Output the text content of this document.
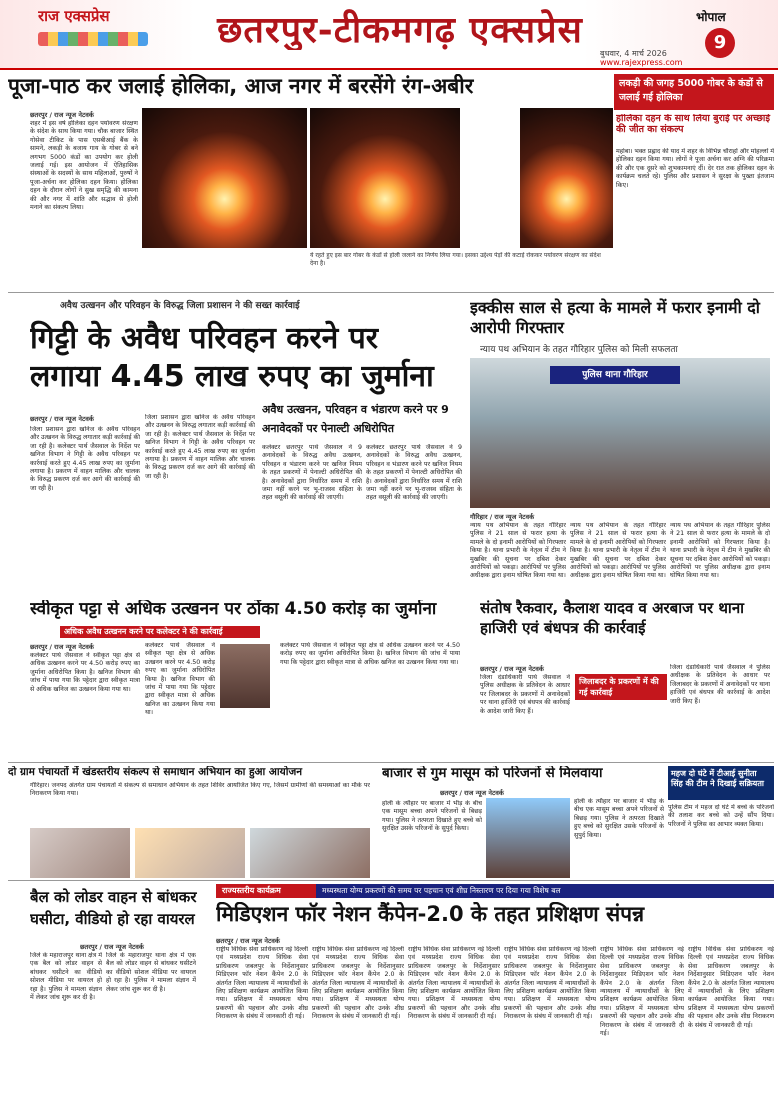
राज एक्सप्रेस	छतरपुर-टीकमगढ़ एक्सप्रेस	भोपाल
9
बुधवार, 4 मार्च 2026
www.rajexpress.com
पूजा-पाठ कर जलाई होलिका, आज नगर में बरसेंगे रंग-अबीर
छतरपुर / राज न्यूज नेटवर्क
शहर में इस वर्ष होलिका दहन पर्यावरण संरक्षण के संदेश के साथ किया गया। चौक बाजार स्थित गोसेवा टीकिट के पास एसबीआई बैंक के सामने, लकड़ी के बजाय गाय के गोबर से बने लगभग 5000 कंडों का उपयोग कर होली जलाई गई। इस आयोजन में ऐतिहासिक संस्थाओं के सदस्यों के साथ महिलाओं, पुरुषों ने पूजा-अर्चना कर होलिका दहन किया। होलिका दहन के दौरान लोगों ने सुख समृद्धि की कामना की और नगर में शांति और सद्भाव से होली मनाने का संकल्प लिया।
ये रहते हुए इस बार गोबर के कंडों से होली जलाने का निर्णय लिया गया। इसका उद्देश्य पेड़ों की कटाई रोककर पर्यावरण संरक्षण का संदेश देना है।
लकड़ी की जगह 5000 गोबर के कंडों से जलाई गई होलिका
होलिका दहन के साथ लिया बुराई पर अच्छाई की जीत का संकल्प
महोबा। भक्त प्रह्लाद की याद में शहर के विभिन्न चौराहों और मोहल्लों में होलिका दहन किया गया। लोगों ने पूजा अर्चना कर अग्नि की परिक्रमा की और एक दूसरे को शुभकामनाएं दीं। देर रात तक होलिका दहन के कार्यक्रम चलते रहे। पुलिस और प्रशासन ने सुरक्षा के पुख्ता इंतजाम किए।
अवैध उत्खनन और परिवहन के विरुद्ध जिला प्रशासन ने की सख्त कार्रवाई
गिट्टी के अवैध परिवहन करने पर लगाया 4.45 लाख रुपए का जुर्माना
छतरपुर / राज न्यूज नेटवर्क
जिला प्रशासन द्वारा खनिज के अवैध परिवहन और उत्खनन के विरुद्ध लगातार कड़ी कार्रवाई की जा रही है। कलेक्टर पार्थ जैसवाल के निर्देश पर खनिज विभाग ने गिट्टी के अवैध परिवहन पर कार्रवाई करते हुए 4.45 लाख रुपए का जुर्माना लगाया है। प्रकरण में वाहन मालिक और चालक के विरुद्ध प्रकरण दर्ज कर आगे की कार्रवाई की जा रही है।
जिला प्रशासन द्वारा खनिज के अवैध परिवहन और उत्खनन के विरुद्ध लगातार कड़ी कार्रवाई की जा रही है। कलेक्टर पार्थ जैसवाल के निर्देश पर खनिज विभाग ने गिट्टी के अवैध परिवहन पर कार्रवाई करते हुए 4.45 लाख रुपए का जुर्माना लगाया है। प्रकरण में वाहन मालिक और चालक के विरुद्ध प्रकरण दर्ज कर आगे की कार्रवाई की जा रही है।
अवैध उत्खनन, परिवहन व भंडारण करने पर 9 अनावेदकों पर पेनाल्टी अधिरोपित
कलेक्टर छतरपुर पार्थ जैसवाल ने 9 अनावेदकों के विरुद्ध अवैध उत्खनन, परिवहन व भंडारण करने पर खनिज नियम के तहत प्रकरणों में पेनाल्टी अधिरोपित की है। अनावेदकों द्वारा निर्धारित समय में राशि जमा नहीं करने पर भू-राजस्व संहिता के तहत वसूली की कार्रवाई की जाएगी।
कलेक्टर छतरपुर पार्थ जैसवाल ने 9 अनावेदकों के विरुद्ध अवैध उत्खनन, परिवहन व भंडारण करने पर खनिज नियम के तहत प्रकरणों में पेनाल्टी अधिरोपित की है। अनावेदकों द्वारा निर्धारित समय में राशि जमा नहीं करने पर भू-राजस्व संहिता के तहत वसूली की कार्रवाई की जाएगी।
इक्कीस साल से हत्या के मामले में फरार इनामी दो आरोपी गिरफ्तार
न्याय पथ अभियान के तहत गौरिहार पुलिस को मिली सफलता
पुलिस थाना गौरिहार
गौरिहार / राज न्यूज नेटवर्क
न्याय पथ अभियान के तहत गौरिहार पुलिस ने 21 साल से फरार हत्या के मामले के दो इनामी आरोपियों को गिरफ्तार किया है। थाना प्रभारी के नेतृत्व में टीम ने मुखबिर की सूचना पर दबिश देकर आरोपियों को पकड़ा। आरोपियों पर पुलिस अधीक्षक द्वारा इनाम घोषित किया गया था।
न्याय पथ अभियान के तहत गौरिहार पुलिस ने 21 साल से फरार हत्या के मामले के दो इनामी आरोपियों को गिरफ्तार किया है। थाना प्रभारी के नेतृत्व में टीम ने मुखबिर की सूचना पर दबिश देकर आरोपियों को पकड़ा। आरोपियों पर पुलिस अधीक्षक द्वारा इनाम घोषित किया गया था।
न्याय पथ अभियान के तहत गौरिहार पुलिस ने 21 साल से फरार हत्या के मामले के दो इनामी आरोपियों को गिरफ्तार किया है। थाना प्रभारी के नेतृत्व में टीम ने मुखबिर की सूचना पर दबिश देकर आरोपियों को पकड़ा। आरोपियों पर पुलिस अधीक्षक द्वारा इनाम घोषित किया गया था।
स्वीकृत पट्टा से अधिक उत्खनन पर ठोंका 4.50 करोड़ का जुर्माना
अधिक अवैध उत्खनन करने पर कलेक्टर ने की कार्रवाई
छतरपुर / राज न्यूज नेटवर्क
कलेक्टर पार्थ जैसवाल ने स्वीकृत पट्टा क्षेत्र से अधिक उत्खनन करने पर 4.50 करोड़ रुपए का जुर्माना अधिरोपित किया है। खनिज विभाग की जांच में पाया गया कि पट्टेदार द्वारा स्वीकृत मात्रा से अधिक खनिज का उत्खनन किया गया था।
कलेक्टर पार्थ जैसवाल ने स्वीकृत पट्टा क्षेत्र से अधिक उत्खनन करने पर 4.50 करोड़ रुपए का जुर्माना अधिरोपित किया है। खनिज विभाग की जांच में पाया गया कि पट्टेदार द्वारा स्वीकृत मात्रा से अधिक खनिज का उत्खनन किया गया था।
कलेक्टर पार्थ जैसवाल ने स्वीकृत पट्टा क्षेत्र से अधिक उत्खनन करने पर 4.50 करोड़ रुपए का जुर्माना अधिरोपित किया है। खनिज विभाग की जांच में पाया गया कि पट्टेदार द्वारा स्वीकृत मात्रा से अधिक खनिज का उत्खनन किया गया था।
संतोष रैकवार, कैलाश यादव व अरबाज पर थाना हाजिरी एवं बंधपत्र की कार्रवाई
छतरपुर / राज न्यूज नेटवर्क
जिला दंडाधिकारी पार्थ जैसवाल ने पुलिस अधीक्षक के प्रतिवेदन के आधार पर जिलाबदर के प्रकरणों में अनावेदकों पर थाना हाजिरी एवं बंधपत्र की कार्रवाई के आदेश जारी किए हैं।
जिलाबदर के प्रकरणों में की गई कार्रवाई
जिला दंडाधिकारी पार्थ जैसवाल ने पुलिस अधीक्षक के प्रतिवेदन के आधार पर जिलाबदर के प्रकरणों में अनावेदकों पर थाना हाजिरी एवं बंधपत्र की कार्रवाई के आदेश जारी किए हैं।
दो ग्राम पंचायतों में खंडस्तरीय संकल्प से समाधान अभियान का हुआ आयोजन
गौरिहार। जनपद अंतर्गत ग्राम पंचायतों में संकल्प से समाधान अभियान के तहत शिविर आयोजित किए गए, जिसमें ग्रामीणों की समस्याओं का मौके पर निराकरण किया गया।
बाजार से गुम मासूम को परिजनों से मिलवाया
छतरपुर / राज न्यूज नेटवर्क
होली के त्यौहार पर बाजार में भीड़ के बीच एक मासूम बच्चा अपने परिजनों से बिछड़ गया। पुलिस ने तत्परता दिखाते हुए बच्चे को सुरक्षित उसके परिजनों के सुपुर्द किया।
होली के त्यौहार पर बाजार में भीड़ के बीच एक मासूम बच्चा अपने परिजनों से बिछड़ गया। पुलिस ने तत्परता दिखाते हुए बच्चे को सुरक्षित उसके परिजनों के सुपुर्द किया।
महज दो घंटे में टीआई सुनीता सिंह की टीम ने दिखाई सक्रियता
पुलिस टीम ने महज दो घंटे में बच्चे के परिजनों की तलाश कर बच्चे को उन्हें सौंप दिया। परिजनों ने पुलिस का आभार व्यक्त किया।
बैल को लोडर वाहन से बांधकर घसीटा, वीडियो हो रहा वायरल
छतरपुर / राज न्यूज नेटवर्क
जिले के महाराजपुर थाना क्षेत्र में एक बैल को लोडर वाहन से बांधकर घसीटने का वीडियो सोशल मीडिया पर वायरल हो रहा है। पुलिस ने मामला संज्ञान में लेकर जांच शुरू कर दी है।
जिले के महाराजपुर थाना क्षेत्र में एक बैल को लोडर वाहन से बांधकर घसीटने का वीडियो सोशल मीडिया पर वायरल हो रहा है। पुलिस ने मामला संज्ञान में लेकर जांच शुरू कर दी है।
राज्यस्तरीय कार्यक्रम	मध्यस्थता योग्य प्रकरणों की समय पर पहचान एवं शीघ्र निस्तारण पर दिया गया विशेष बल
मिडिएशन फॉर नेशन कैंपेन-2.0 के तहत प्रशिक्षण संपन्न
छतरपुर / राज न्यूज नेटवर्क
राष्ट्रीय विधिक सेवा प्राधिकरण नई दिल्ली एवं मध्यप्रदेश राज्य विधिक सेवा प्राधिकरण जबलपुर के निर्देशानुसार मिडिएशन फॉर नेशन कैंपेन 2.0 के अंतर्गत जिला न्यायालय में न्यायाधीशों के लिए प्रशिक्षण कार्यक्रम आयोजित किया गया। प्रशिक्षण में मध्यस्थता योग्य प्रकरणों की पहचान और उनके शीघ्र निराकरण के संबंध में जानकारी दी गई।
राष्ट्रीय विधिक सेवा प्राधिकरण नई दिल्ली एवं मध्यप्रदेश राज्य विधिक सेवा प्राधिकरण जबलपुर के निर्देशानुसार मिडिएशन फॉर नेशन कैंपेन 2.0 के अंतर्गत जिला न्यायालय में न्यायाधीशों के लिए प्रशिक्षण कार्यक्रम आयोजित किया गया। प्रशिक्षण में मध्यस्थता योग्य प्रकरणों की पहचान और उनके शीघ्र निराकरण के संबंध में जानकारी दी गई।
राष्ट्रीय विधिक सेवा प्राधिकरण नई दिल्ली एवं मध्यप्रदेश राज्य विधिक सेवा प्राधिकरण जबलपुर के निर्देशानुसार मिडिएशन फॉर नेशन कैंपेन 2.0 के अंतर्गत जिला न्यायालय में न्यायाधीशों के लिए प्रशिक्षण कार्यक्रम आयोजित किया गया। प्रशिक्षण में मध्यस्थता योग्य प्रकरणों की पहचान और उनके शीघ्र निराकरण के संबंध में जानकारी दी गई।
राष्ट्रीय विधिक सेवा प्राधिकरण नई दिल्ली एवं मध्यप्रदेश राज्य विधिक सेवा प्राधिकरण जबलपुर के निर्देशानुसार मिडिएशन फॉर नेशन कैंपेन 2.0 के अंतर्गत जिला न्यायालय में न्यायाधीशों के लिए प्रशिक्षण कार्यक्रम आयोजित किया गया। प्रशिक्षण में मध्यस्थता योग्य प्रकरणों की पहचान और उनके शीघ्र निराकरण के संबंध में जानकारी दी गई।
राष्ट्रीय विधिक सेवा प्राधिकरण नई दिल्ली एवं मध्यप्रदेश राज्य विधिक सेवा प्राधिकरण जबलपुर के निर्देशानुसार मिडिएशन फॉर नेशन कैंपेन 2.0 के अंतर्गत जिला न्यायालय में न्यायाधीशों के लिए प्रशिक्षण कार्यक्रम आयोजित किया गया। प्रशिक्षण में मध्यस्थता योग्य प्रकरणों की पहचान और उनके शीघ्र निराकरण के संबंध में जानकारी दी गई।
राष्ट्रीय विधिक सेवा प्राधिकरण नई दिल्ली एवं मध्यप्रदेश राज्य विधिक सेवा प्राधिकरण जबलपुर के निर्देशानुसार मिडिएशन फॉर नेशन कैंपेन 2.0 के अंतर्गत जिला न्यायालय में न्यायाधीशों के लिए प्रशिक्षण कार्यक्रम आयोजित किया गया। प्रशिक्षण में मध्यस्थता योग्य प्रकरणों की पहचान और उनके शीघ्र निराकरण के संबंध में जानकारी दी गई।
